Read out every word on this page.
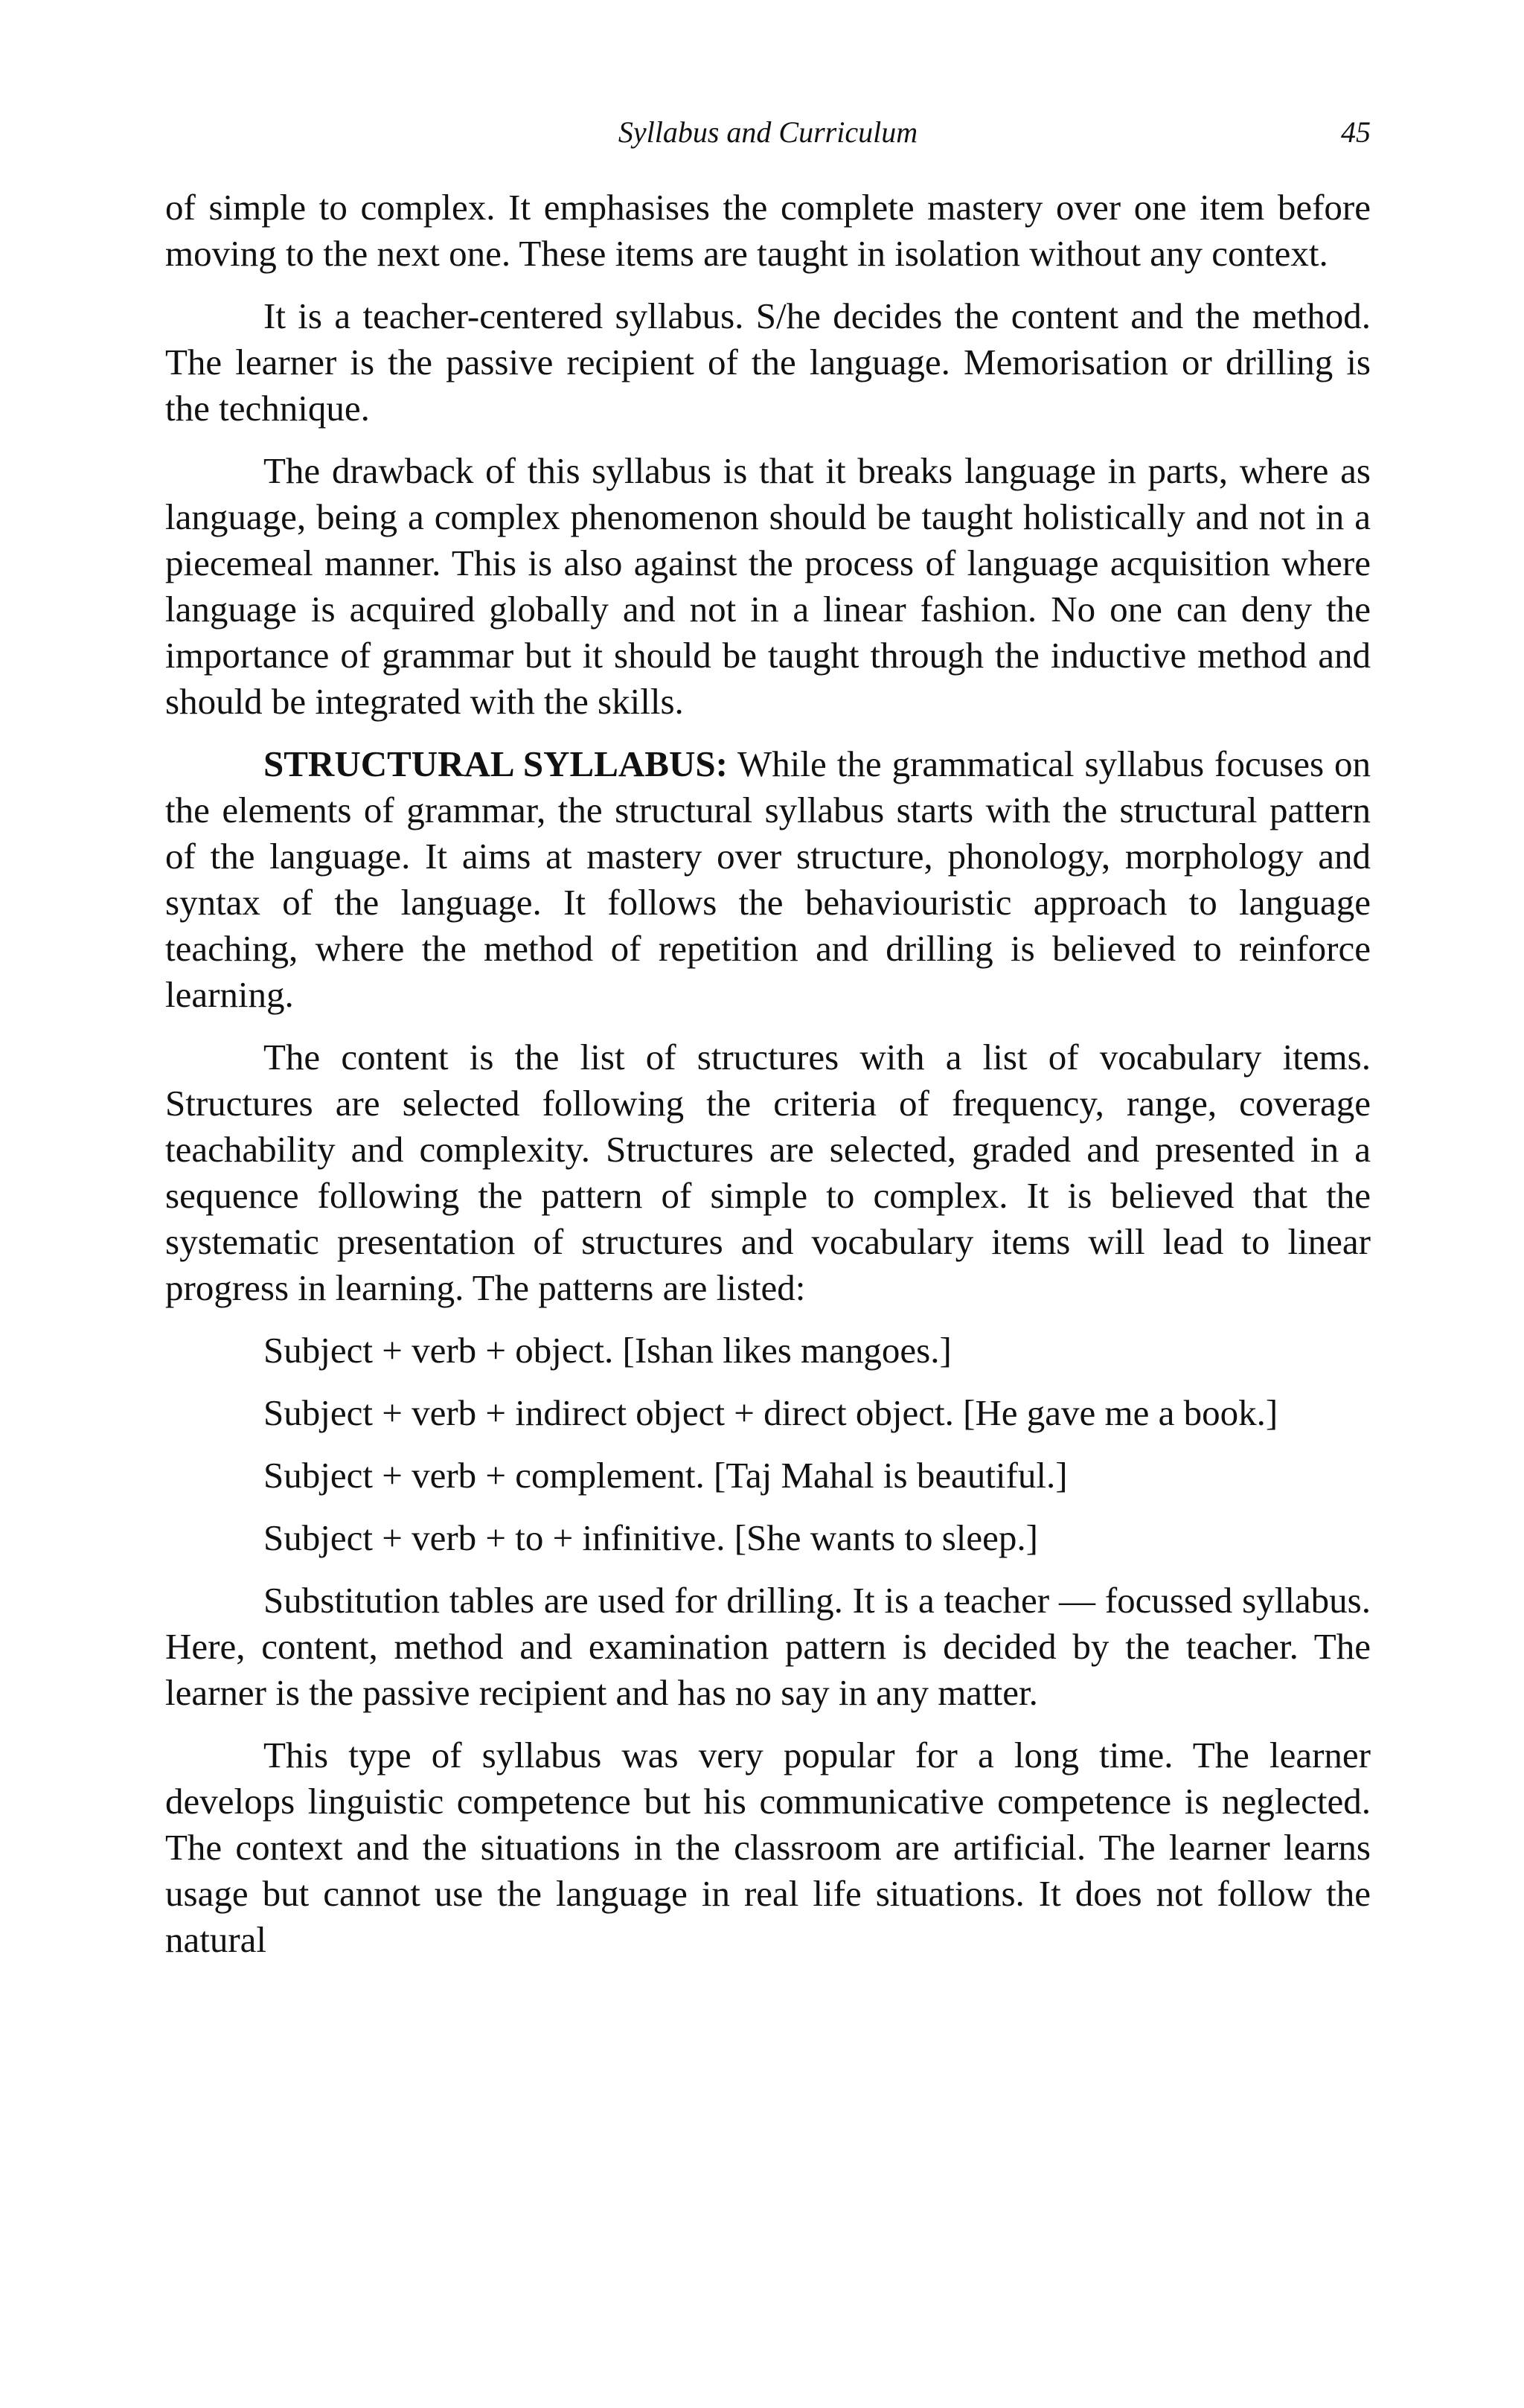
Syllabus and Curriculum	45

of simple to complex. It emphasises the complete mastery over one item before moving to the next one. These items are taught in isolation without any context.

It is a teacher-centered syllabus. S/he decides the content and the method. The learner is the passive recipient of the language. Memorisation or drilling is the technique.

The drawback of this syllabus is that it breaks language in parts, where as language, being a complex phenomenon should be taught holistically and not in a piecemeal manner. This is also against the process of language acquisition where language is acquired globally and not in a linear fashion. No one can deny the importance of grammar but it should be taught through the inductive method and should be integrated with the skills.

STRUCTURAL SYLLABUS: While the grammatical syllabus focuses on the elements of grammar, the structural syllabus starts with the structural pattern of the language. It aims at mastery over structure, phonology, morphology and syntax of the language. It follows the behaviouristic approach to language teaching, where the method of repetition and drilling is believed to reinforce learning.

The content is the list of structures with a list of vocabulary items. Structures are selected following the criteria of frequency, range, coverage teachability and complexity. Structures are selected, graded and presented in a sequence following the pattern of simple to complex. It is believed that the systematic presentation of structures and vocabulary items will lead to linear progress in learning. The patterns are listed:

Subject + verb + object. [Ishan likes mangoes.]

Subject + verb + indirect object + direct object. [He gave me a book.]

Subject + verb + complement. [Taj Mahal is beautiful.]

Subject + verb + to + infinitive. [She wants to sleep.]

Substitution tables are used for drilling. It is a teacher — focussed syllabus. Here, content, method and examination pattern is decided by the teacher. The learner is the passive recipient and has no say in any matter.

This type of syllabus was very popular for a long time. The learner develops linguistic competence but his communicative competence is neglected. The context and the situations in the classroom are artificial. The learner learns usage but cannot use the language in real life situations. It does not follow the natural
